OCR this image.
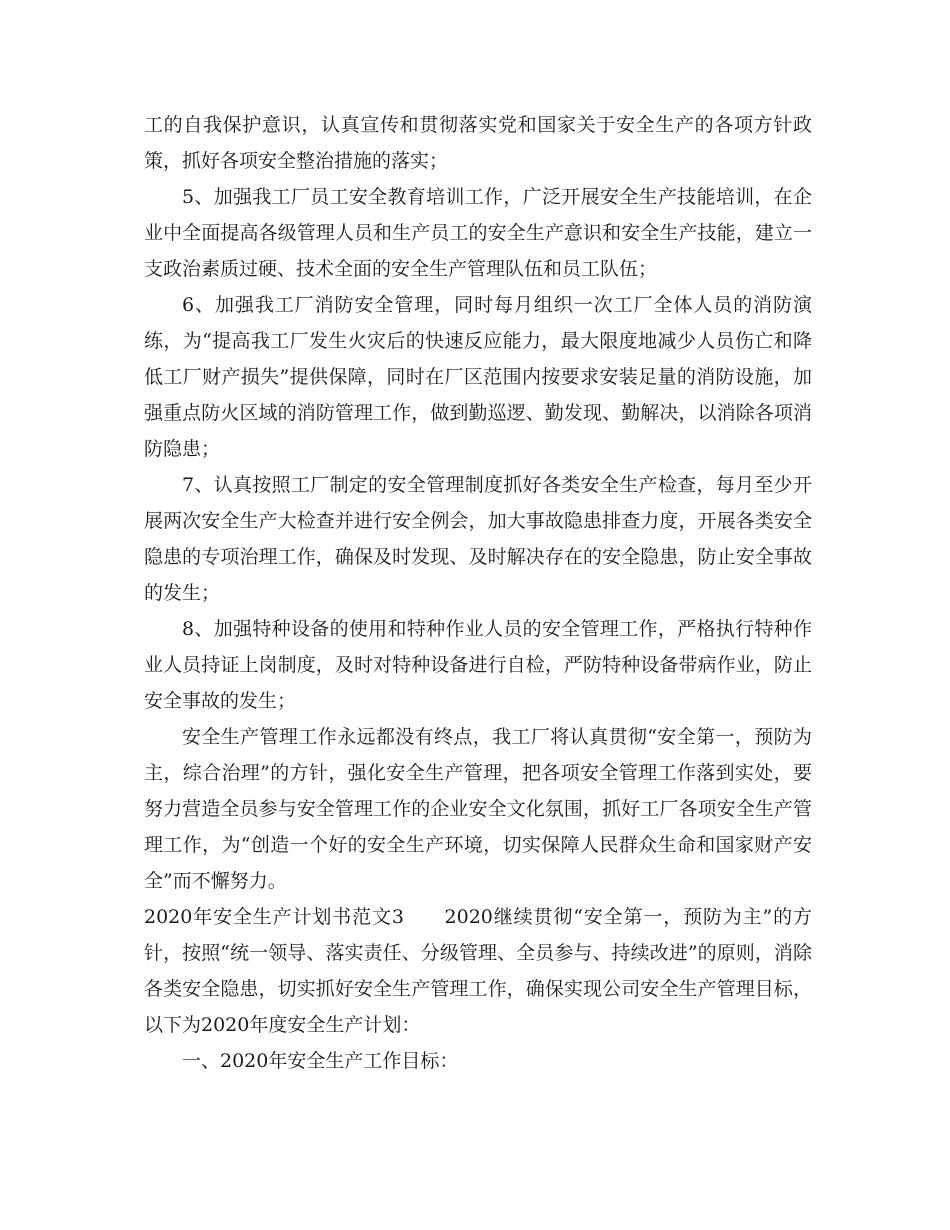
工的自我保护意识，认真宣传和贯彻落实党和国家关于安全生产的各项方针政策，抓好各项安全整治措施的落实；

5、加强我工厂员工安全教育培训工作，广泛开展安全生产技能培训，在企业中全面提高各级管理人员和生产员工的安全生产意识和安全生产技能，建立一支政治素质过硬、技术全面的安全生产管理队伍和员工队伍；

6、加强我工厂消防安全管理，同时每月组织一次工厂全体人员的消防演练，为“提高我工厂发生火灾后的快速反应能力，最大限度地减少人员伤亡和降低工厂财产损失”提供保障，同时在厂区范围内按要求安装足量的消防设施，加强重点防火区域的消防管理工作，做到勤巡逻、勤发现、勤解决，以消除各项消防隐患；

7、认真按照工厂制定的安全管理制度抓好各类安全生产检查，每月至少开展两次安全生产大检查并进行安全例会，加大事故隐患排查力度，开展各类安全隐患的专项治理工作，确保及时发现、及时解决存在的安全隐患，防止安全事故的发生；

8、加强特种设备的使用和特种作业人员的安全管理工作，严格执行特种作业人员持证上岗制度，及时对特种设备进行自检，严防特种设备带病作业，防止安全事故的发生；

安全生产管理工作永远都没有终点，我工厂将认真贯彻“安全第一，预防为主，综合治理”的方针，强化安全生产管理，把各项安全管理工作落到实处，要努力营造全员参与安全管理工作的企业安全文化氛围，抓好工厂各项安全生产管理工作，为“创造一个好的安全生产环境，切实保障人民群众生命和国家财产安全”而不懈努力。

2020年安全生产计划书范文3　　2020继续贯彻“安全第一，预防为主”的方针，按照“统一领导、落实责任、分级管理、全员参与、持续改进”的原则，消除各类安全隐患，切实抓好安全生产管理工作，确保实现公司安全生产管理目标，以下为2020年度安全生产计划：

一、2020年安全生产工作目标：
